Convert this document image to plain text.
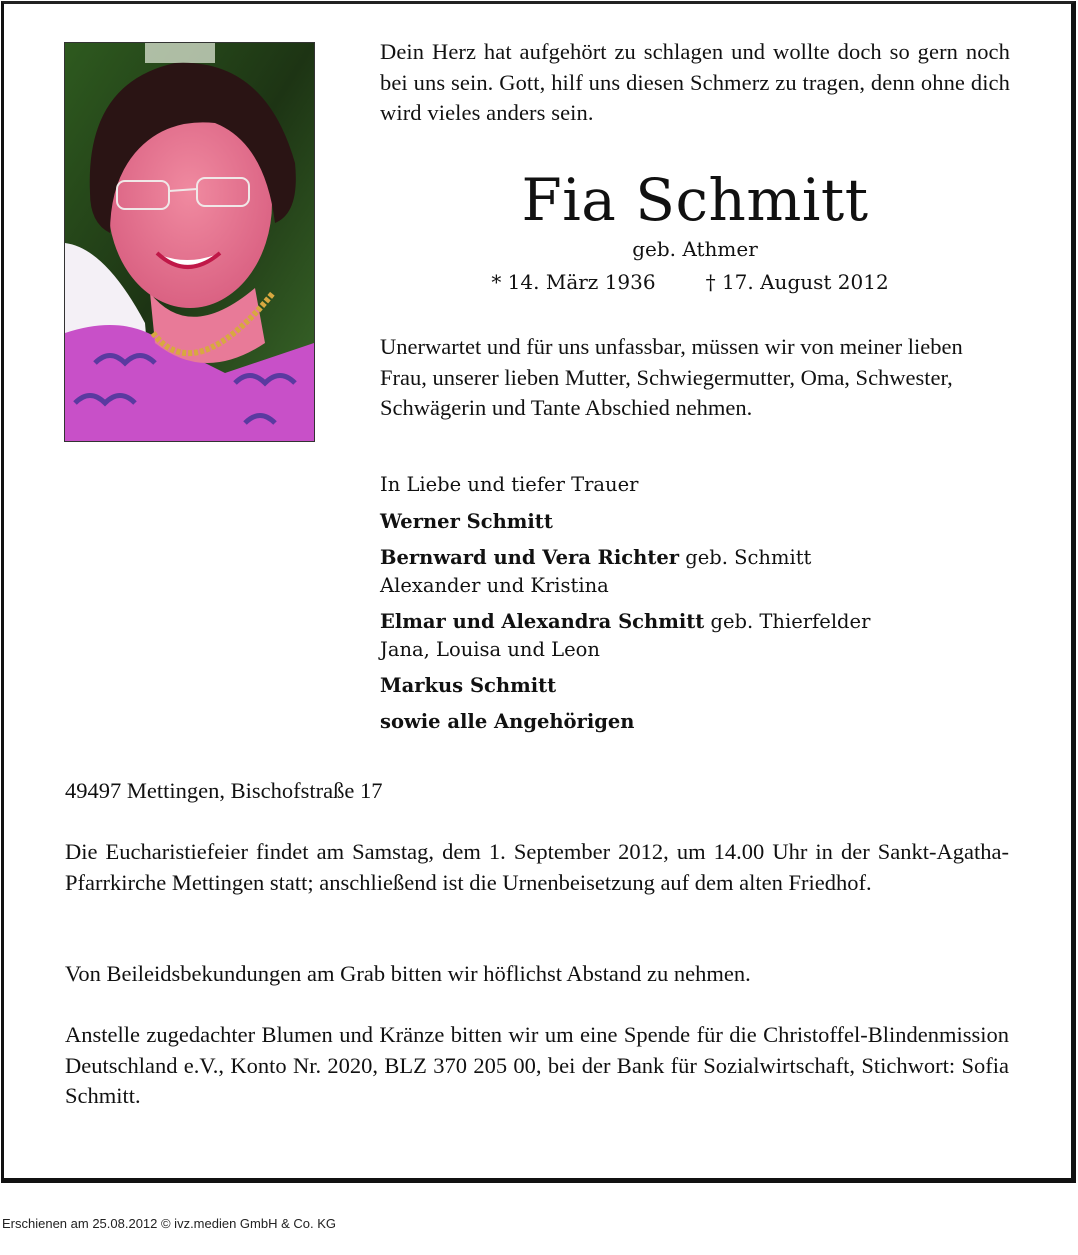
Dein Herz hat aufgehört zu schlagen und wollte doch so gern noch bei uns sein. Gott, hilf uns diesen Schmerz zu tragen, denn ohne dich wird vieles anders sein.
Fia Schmitt
geb. Athmer
* 14. März 1936	† 17. August 2012
Unerwartet und für uns unfassbar, müssen wir von meiner lieben Frau, unserer lieben Mutter, Schwiegermutter, Oma, Schwester, Schwägerin und Tante Abschied nehmen.
In Liebe und tiefer Trauer
Werner Schmitt
Bernward und Vera Richter geb. Schmitt
Alexander und Kristina
Elmar und Alexandra Schmitt geb. Thierfelder
Jana, Louisa und Leon
Markus Schmitt
sowie alle Angehörigen
49497 Mettingen, Bischofstraße 17
Die Eucharistiefeier findet am Samstag, dem 1. September 2012, um 14.00 Uhr in der Sankt-Agatha-Pfarrkirche Mettingen statt; anschließend ist die Urnenbeisetzung auf dem alten Friedhof.
Von Beileidsbekundungen am Grab bitten wir höflichst Abstand zu nehmen.
Anstelle zugedachter Blumen und Kränze bitten wir um eine Spende für die Christoffel-Blindenmission Deutschland e.V., Konto Nr. 2020, BLZ 370 205 00, bei der Bank für Sozialwirtschaft, Stichwort: Sofia Schmitt.
Erschienen am 25.08.2012 © ivz.medien GmbH & Co. KG
